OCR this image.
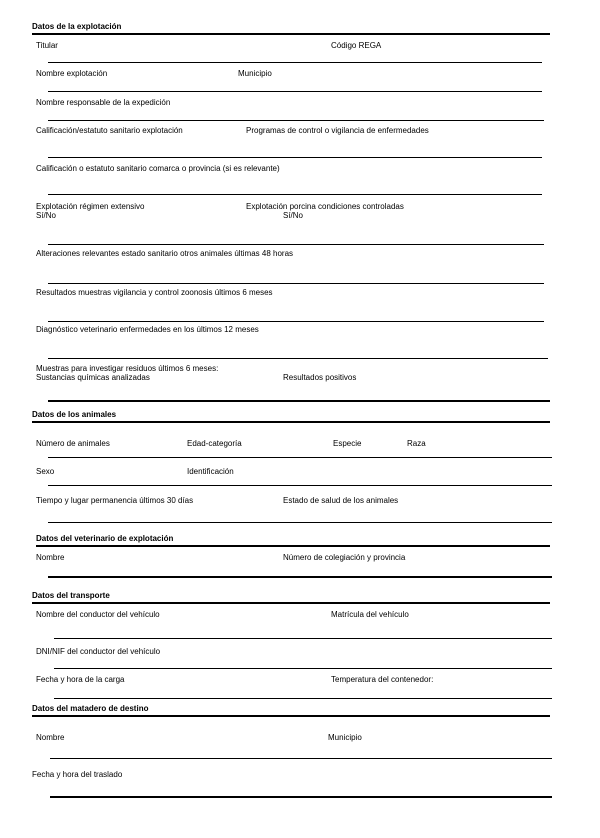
Datos de la explotación
Titular	Código REGA
Nombre explotación	Municipio
Nombre responsable de la expedición
Calificación/estatuto sanitario explotación	Programas de control o vigilancia de enfermedades
Calificación o estatuto sanitario comarca o provincia (si es relevante)
Explotación régimen extensivo
Sí/No
Explotación porcina condiciones controladas
Sí/No
Alteraciones relevantes estado sanitario otros animales últimas 48 horas
Resultados muestras vigilancia y control zoonosis últimos 6 meses
Diagnóstico veterinario enfermedades en los últimos 12 meses
Muestras para investigar residuos últimos 6 meses:
Sustancias químicas analizadas	Resultados positivos
Datos de los animales
Número de animales	Edad-categoría	Especie	Raza
Sexo	Identificación
Tiempo y lugar permanencia últimos 30 días	Estado de salud de los animales
Datos del veterinario de explotación
Nombre	Número de colegiación y provincia
Datos del transporte
Nombre del conductor del vehículo	Matrícula del vehículo
DNI/NIF del conductor del vehículo
Fecha y hora de la carga	Temperatura del contenedor:
Datos del matadero de destino
Nombre	Municipio
Fecha y hora del traslado
